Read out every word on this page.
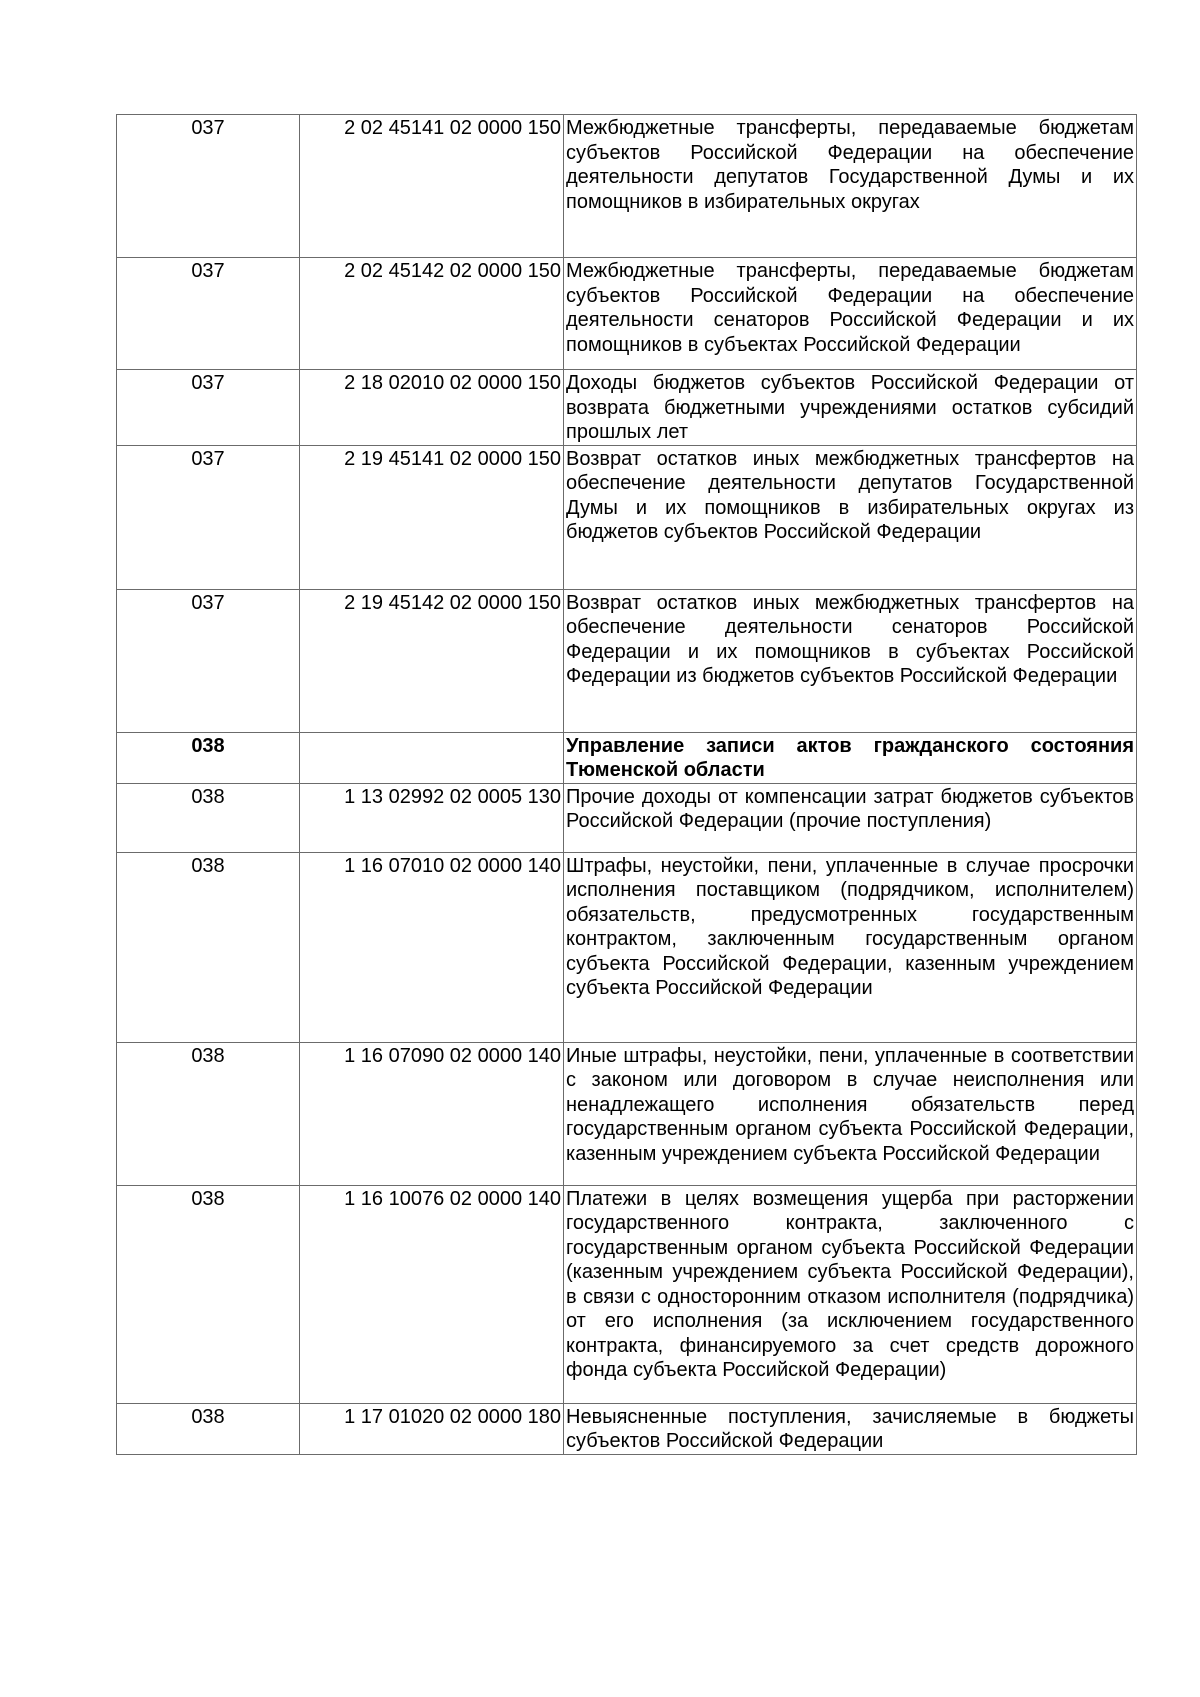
037	2 02 45141 02 0000 150	Межбюджетные трансферты, передаваемые бюджетам субъектов Российской Федерации на обеспечение деятельности депутатов Государственной Думы и их помощников в избирательных округах
037	2 02 45142 02 0000 150	Межбюджетные трансферты, передаваемые бюджетам субъектов Российской Федерации на обеспечение деятельности сенаторов Российской Федерации и их помощников в субъектах Российской Федерации
037	2 18 02010 02 0000 150	Доходы бюджетов субъектов Российской Федерации от возврата бюджетными учреждениями остатков субсидий прошлых лет
037	2 19 45141 02 0000 150	Возврат остатков иных межбюджетных трансфертов на обеспечение деятельности депутатов Государственной Думы и их помощников в избирательных округах из бюджетов субъектов Российской Федерации
037	2 19 45142 02 0000 150	Возврат остатков иных межбюджетных трансфертов на обеспечение деятельности сенаторов Российской Федерации и их помощников в субъектах Российской Федерации из бюджетов субъектов Российской Федерации
038		Управление записи актов гражданского состояния Тюменской области
038	1 13 02992 02 0005 130	Прочие доходы от компенсации затрат бюджетов субъектов Российской Федерации (прочие поступления)
038	1 16 07010 02 0000 140	Штрафы, неустойки, пени, уплаченные в случае просрочки исполнения поставщиком (подрядчиком, исполнителем) обязательств, предусмотренных государственным контрактом, заключенным государственным органом субъекта Российской Федерации, казенным учреждением субъекта Российской Федерации
038	1 16 07090 02 0000 140	Иные штрафы, неустойки, пени, уплаченные в соответствии с законом или договором в случае неисполнения или ненадлежащего исполнения обязательств перед государственным органом субъекта Российской Федерации, казенным учреждением субъекта Российской Федерации
038	1 16 10076 02 0000 140	Платежи в целях возмещения ущерба при расторжении государственного контракта, заключенного с государственным органом субъекта Российской Федерации (казенным учреждением субъекта Российской Федерации), в связи с односторонним отказом исполнителя (подрядчика) от его исполнения (за исключением государственного контракта, финансируемого за счет средств дорожного фонда субъекта Российской Федерации)
038	1 17 01020 02 0000 180	Невыясненные поступления, зачисляемые в бюджеты субъектов Российской Федерации
